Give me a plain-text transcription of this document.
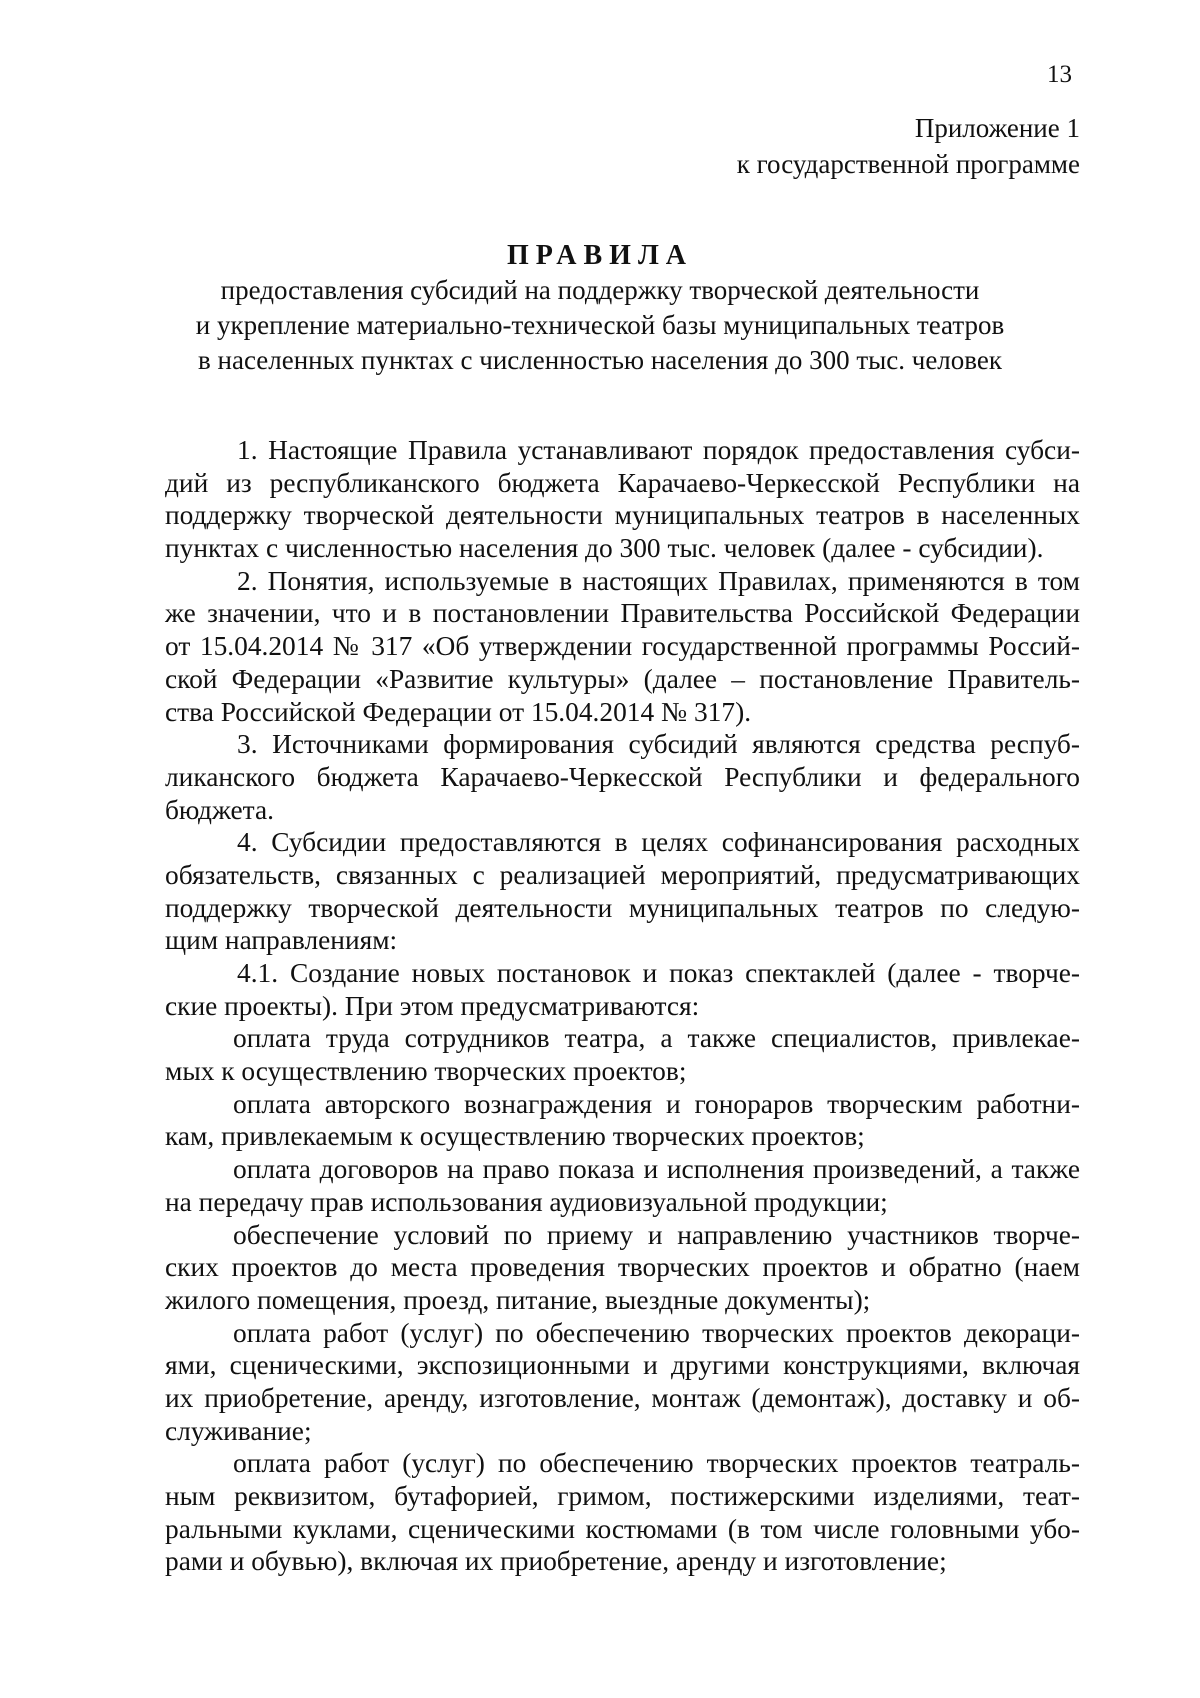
13
Приложение 1
к государственной программе
ПРАВИЛА
предоставления субсидий на поддержку творческой деятельности
и укрепление материально-технической базы муниципальных театров
в населенных пунктах с численностью населения до 300 тыс. человек
1. Настоящие Правила устанавливают порядок предоставления субси-
дий из республиканского бюджета Карачаево-Черкесской Республики на
поддержку творческой деятельности муниципальных театров в населенных
пунктах с численностью населения до 300 тыс. человек (далее - субсидии).
2. Понятия, используемые в настоящих Правилах, применяются в том
же значении, что и в постановлении Правительства Российской Федерации
от 15.04.2014 № 317 «Об утверждении государственной программы Россий-
ской Федерации «Развитие культуры» (далее – постановление Правитель-
ства Российской Федерации от 15.04.2014 № 317).
3. Источниками формирования субсидий являются средства респуб-
ликанского бюджета Карачаево-Черкесской Республики и федерального
бюджета.
4. Субсидии предоставляются в целях софинансирования расходных
обязательств, связанных с реализацией мероприятий, предусматривающих
поддержку творческой деятельности муниципальных театров по следую-
щим направлениям:
4.1. Создание новых постановок и показ спектаклей (далее - творче-
ские проекты). При этом предусматриваются:
оплата труда сотрудников театра, а также специалистов, привлекае-
мых к осуществлению творческих проектов;
оплата авторского вознаграждения и гонораров творческим работни-
кам, привлекаемым к осуществлению творческих проектов;
оплата договоров на право показа и исполнения произведений, а также
на передачу прав использования аудиовизуальной продукции;
обеспечение условий по приему и направлению участников творче-
ских проектов до места проведения творческих проектов и обратно (наем
жилого помещения, проезд, питание, выездные документы);
оплата работ (услуг) по обеспечению творческих проектов декораци-
ями, сценическими, экспозиционными и другими конструкциями, включая
их приобретение, аренду, изготовление, монтаж (демонтаж), доставку и об-
служивание;
оплата работ (услуг) по обеспечению творческих проектов театраль-
ным реквизитом, бутафорией, гримом, постижерскими изделиями, теат-
ральными куклами, сценическими костюмами (в том числе головными убо-
рами и обувью), включая их приобретение, аренду и изготовление;
